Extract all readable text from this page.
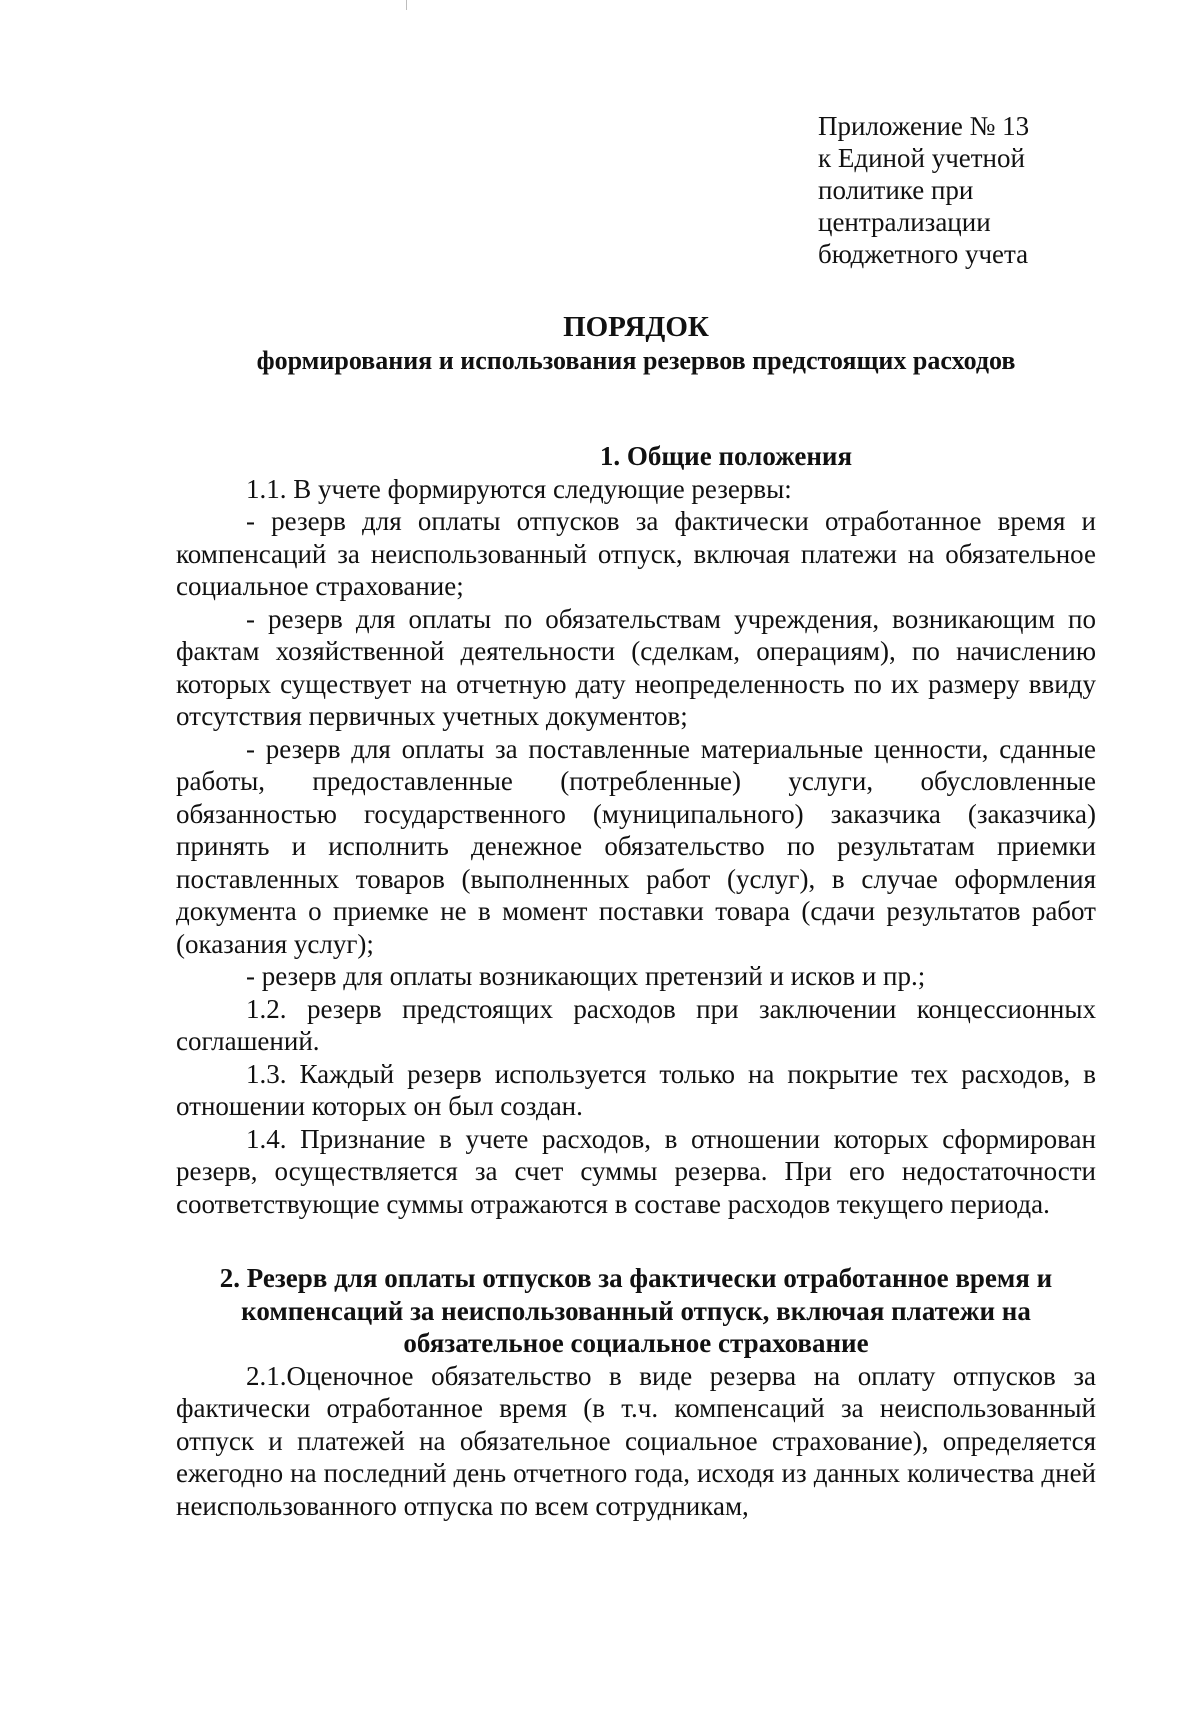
Приложение № 13
к Единой учетной
политике при
централизации
бюджетного учета
ПОРЯДОК
формирования и использования резервов предстоящих расходов

1. Общие положения

1.1. В учете формируются следующие резервы:

- резерв для оплаты отпусков за фактически отработанное время и компенсаций за неиспользованный отпуск, включая платежи на обязательное социальное страхование;

- резерв для оплаты по обязательствам учреждения, возникающим по фактам хозяйственной деятельности (сделкам, операциям), по начислению которых существует на отчетную дату неопределенность по их размеру ввиду отсутствия первичных учетных документов;

- резерв для оплаты за поставленные материальные ценности, сданные работы, предоставленные (потребленные) услуги, обусловленные обязанностью государственного (муниципального) заказчика (заказчика) принять и исполнить денежное обязательство по результатам приемки поставленных товаров (выполненных работ (услуг), в случае оформления документа о приемке не в момент поставки товара (сдачи результатов работ (оказания услуг);

- резерв для оплаты возникающих претензий и исков и пр.;

1.2. резерв предстоящих расходов при заключении концессионных соглашений.

1.3. Каждый резерв используется только на покрытие тех расходов, в отношении которых он был создан.

1.4. Признание в учете расходов, в отношении которых сформирован резерв, осуществляется за счет суммы резерва. При его недостаточности соответствующие суммы отражаются в составе расходов текущего периода.

2. Резерв для оплаты отпусков за фактически отработанное время и
компенсаций за неиспользованный отпуск, включая платежи на
обязательное социальное страхование

2.1.Оценочное обязательство в виде резерва на оплату отпусков за фактически отработанное время (в т.ч. компенсаций за неиспользованный отпуск и платежей на обязательное социальное страхование), определяется ежегодно на последний день отчетного года, исходя из данных количества дней неиспользованного отпуска по всем сотрудникам,
